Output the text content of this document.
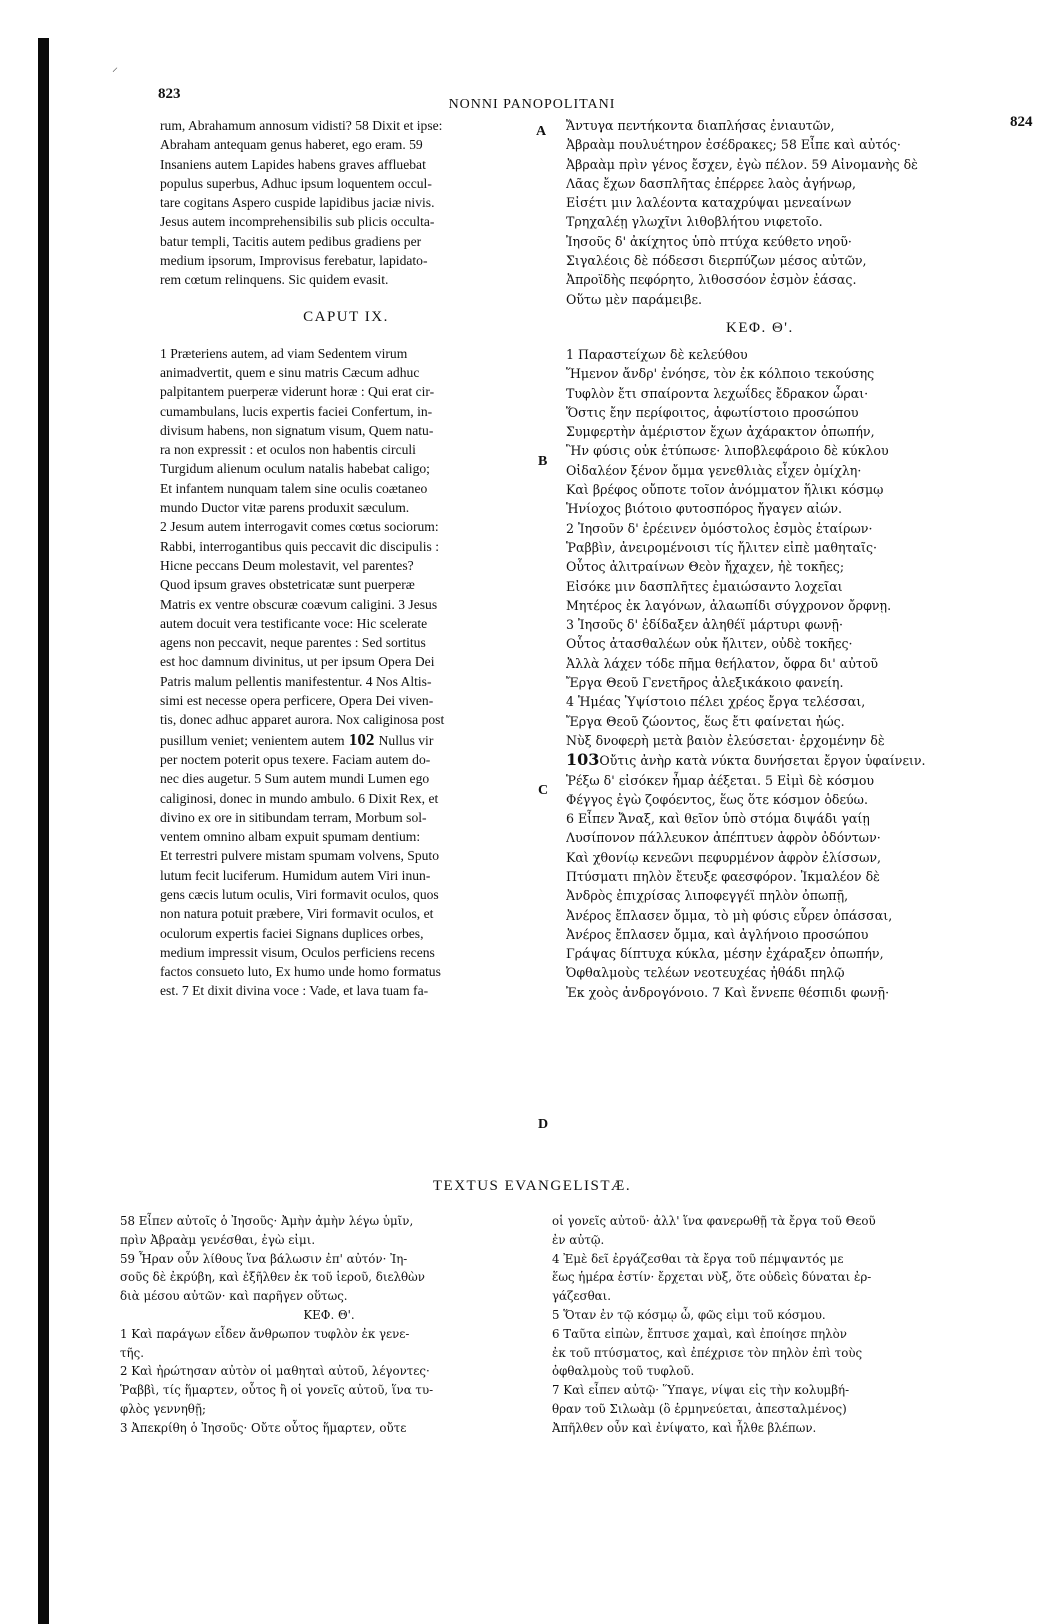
⸝
823
824
NONNI PANOPOLITANI
A
B
C
D

rum, Abrahamum annosum vidisti? 58 Dixit et ipse:

Abraham antequam genus haberet, ego eram. 59

Insaniens autem Lapides habens graves affluebat

populus superbus, Adhuc ipsum loquentem occul-

tare cogitans Aspero cuspide lapidibus jaciæ nivis.

Jesus autem incomprehensibilis sub plicis occulta-

batur templi, Tacitis autem pedibus gradiens per

medium ipsorum, Improvisus ferebatur, lapidato-

rem cœtum relinquens. Sic quidem evasit.

CAPUT IX.

1 Præteriens autem, ad viam Sedentem virum

animadvertit, quem e sinu matris Cæcum adhuc

palpitantem puerperæ viderunt horæ : Qui erat cir-

cumambulans, lucis expertis faciei Confertum, in-

divisum habens, non signatum visum, Quem natu-

ra non expressit : et oculos non habentis circuli

Turgidum alienum oculum natalis habebat caligo;

Et infantem nunquam talem sine oculis coætaneo

mundo Ductor vitæ parens produxit sæculum.

2 Jesum autem interrogavit comes cœtus sociorum:

Rabbi, interrogantibus quis peccavit dic discipulis :

Hicne peccans Deum molestavit, vel parentes?

Quod ipsum graves obstetricatæ sunt puerperæ

Matris ex ventre obscuræ coævum caligini. 3 Jesus

autem docuit vera testificante voce: Hic scelerate

agens non peccavit, neque parentes : Sed sortitus

est hoc damnum divinitus, ut per ipsum Opera Dei

Patris malum pellentis manifestentur. 4 Nos Altis-

simi est necesse opera perficere, Opera Dei viven-

tis, donec adhuc apparet aurora. Nox caliginosa post

pusillum veniet; venientem autem 102 Nullus vir

per noctem poterit opus texere. Faciam autem do-

nec dies augetur. 5 Sum autem mundi Lumen ego

caliginosi, donec in mundo ambulo. 6 Dixit Rex, et

divino ex ore in sitibundam terram, Morbum sol-

ventem omnino albam expuit spumam dentium:

Et terrestri pulvere mistam spumam volvens, Sputo

lutum fecit luciferum. Humidum autem Viri inun-

gens cæcis lutum oculis, Viri formavit oculos, quos

non natura potuit præbere, Viri formavit oculos, et

oculorum expertis faciei Signans duplices orbes,

medium impressit visum, Oculos perficiens recens

factos consueto luto, Ex humo unde homo formatus

est. 7 Et dixit divina voce : Vade, et lava tuam fa-

Ἄντυγα πεντήκοντα διαπλήσας ἐνιαυτῶν,

Ἀβραὰμ πουλυέτηρον ἐσέδρακες; 58 Εἶπε καὶ αὐτός·

Ἀβραὰμ πρὶν γένος ἔσχεν, ἐγὼ πέλον. 59 Αἰνομανὴς δὲ

Λᾶας ἔχων δασπλῆτας ἐπέρρεε λαὸς ἀγήνωρ,

Εἰσέτι μιν λαλέοντα καταχρύψαι μενεαίνων

Τρηχαλέῃ γλωχῖνι λιθοβλήτου νιφετοῖο.

Ἰησοῦς δ' ἀκίχητος ὑπὸ πτύχα κεύθετο νηοῦ·

Σιγαλέοις δὲ πόδεσσι διερπύζων μέσος αὐτῶν,

Ἀπροϊδὴς πεφόρητο, λιθοσσόον ἐσμὸν ἐάσας.

Οὕτω μὲν παράμειβε.

ΚΕΦ. Θ'.

1 Παραστείχων δὲ κελεύθου

Ἥμενον ἄνδρ' ἐνόησε, τὸν ἐκ κόλποιο τεκούσης

Τυφλὸν ἔτι σπαίροντα λεχωΐδες ἔδρακον ὧραι·

Ὅστις ἔην περίφοιτος, ἀφωτίστοιο προσώπου

Συμφερτὴν ἀμέριστον ἔχων ἀχάρακτον ὀπωπήν,

Ἣν φύσις οὐκ ἐτύπωσε· λιποβλεφάροιο δὲ κύκλου

Οἰδαλέον ξένον ὄμμα γενεθλιὰς εἶχεν ὀμίχλη·

Καὶ βρέφος οὔποτε τοῖον ἀνόμματον ἥλικι κόσμῳ

Ἡνίοχος βιότοιο φυτοσπόρος ἤγαγεν αἰών.

2 Ἰησοῦν δ' ἐρέεινεν ὁμόστολος ἐσμὸς ἑταίρων·

Ῥαββὶν, ἀνειρομένοισι τίς ἤλιτεν εἰπὲ μαθηταῖς·

Οὗτος ἀλιτραίνων Θεὸν ἤχαχεν, ἠὲ τοκῆες;

Εἰσόκε μιν δασπλῆτες ἐμαιώσαντο λοχεῖαι

Μητέρος ἐκ λαγόνων, ἀλαωπίδι σύγχρονον ὄρφνῃ.

3 Ἰησοῦς δ' ἐδίδαξεν ἀληθέϊ μάρτυρι φωνῇ·

Οὗτος ἀτασθαλέων οὐκ ἤλιτεν, οὐδὲ τοκῆες·

Ἀλλὰ λάχεν τόδε πῆμα θεήλατον, ὄφρα δι' αὐτοῦ

Ἔργα Θεοῦ Γενετῆρος ἀλεξικάκοιο φανείη.

4 Ἡμέας Ὑψίστοιο πέλει χρέος ἔργα τελέσσαι,

Ἔργα Θεοῦ ζώοντος, ἕως ἔτι φαίνεται ἠώς.

Νὺξ δνοφερὴ μετὰ βαιὸν ἐλεύσεται· ἐρχομένην δὲ

103Οὔτις ἀνὴρ κατὰ νύκτα δυνήσεται ἔργον ὑφαίνειν.

Ῥέξω δ' εἰσόκεν ἦμαρ ἀέξεται. 5 Εἰμὶ δὲ κόσμου

Φέγγος ἐγὼ ζοφόεντος, ἕως ὅτε κόσμον ὁδεύω.

6 Εἶπεν Ἄναξ, καὶ θεῖον ὑπὸ στόμα διψάδι γαίῃ

Λυσίπονον πάλλευκον ἀπέπτυεν ἀφρὸν ὀδόντων·

Καὶ χθονίῳ κενεῶνι πεφυρμένον ἀφρὸν ἑλίσσων,

Πτύσματι πηλὸν ἔτευξε φαεσφόρον. Ἰκμαλέον δὲ

Ἀνδρὸς ἐπιχρίσας λιποφεγγέϊ πηλὸν ὀπωπῇ,

Ἀνέρος ἔπλασεν ὄμμα, τὸ μὴ φύσις εὗρεν ὀπάσσαι,

Ἀνέρος ἔπλασεν ὄμμα, καὶ ἀγλήνοιο προσώπου

Γράψας δίπτυχα κύκλα, μέσην ἐχάραξεν ὀπωπήν,

Ὀφθαλμοὺς τελέων νεοτευχέας ἠθάδι πηλῷ

Ἐκ χοὸς ἀνδρογόνοιο. 7 Καὶ ἔννεπε θέσπιδι φωνῇ·

TEXTUS EVANGELISTÆ.

58 Εἶπεν αὐτοῖς ὁ Ἰησοῦς· Ἀμὴν ἀμὴν λέγω ὑμῖν,

πρὶν Ἀβραὰμ γενέσθαι, ἐγὼ εἰμι.

59 Ἦραν οὖν λίθους ἵνα βάλωσιν ἐπ' αὐτόν· Ἰη-

σοῦς δὲ ἐκρύβη, καὶ ἐξῆλθεν ἐκ τοῦ ἱεροῦ, διελθὼν

διὰ μέσου αὐτῶν· καὶ παρῆγεν οὕτως.

ΚΕΦ. Θ'.

1 Καὶ παράγων εἶδεν ἄνθρωπον τυφλὸν ἐκ γενε-

τῆς.

2 Καὶ ἠρώτησαν αὐτὸν οἱ μαθηταὶ αὐτοῦ, λέγοντες·

Ῥαββὶ, τίς ἥμαρτεν, οὗτος ἢ οἱ γονεῖς αὐτοῦ, ἵνα τυ-

φλὸς γεννηθῇ;

3 Ἀπεκρίθη ὁ Ἰησοῦς· Οὔτε οὗτος ἥμαρτεν, οὔτε

οἱ γονεῖς αὐτοῦ· ἀλλ' ἵνα φανερωθῇ τὰ ἔργα τοῦ Θεοῦ

ἐν αὐτῷ.

4 Ἐμὲ δεῖ ἐργάζεσθαι τὰ ἔργα τοῦ πέμψαντός με

ἕως ἡμέρα ἐστίν· ἔρχεται νὺξ, ὅτε οὐδεὶς δύναται ἐρ-

γάζεσθαι.

5 Ὅταν ἐν τῷ κόσμῳ ὦ, φῶς εἰμι τοῦ κόσμου.

6 Ταῦτα εἰπὼν, ἔπτυσε χαμαὶ, καὶ ἐποίησε πηλὸν

ἐκ τοῦ πτύσματος, καὶ ἐπέχρισε τὸν πηλὸν ἐπὶ τοὺς

ὀφθαλμοὺς τοῦ τυφλοῦ.

7 Καὶ εἶπεν αὐτῷ· Ὕπαγε, νίψαι εἰς τὴν κολυμβή-

θραν τοῦ Σιλωὰμ (ὃ ἑρμηνεύεται, ἀπεσταλμένος)

Ἀπῆλθεν οὖν καὶ ἐνίψατο, καὶ ἦλθε βλέπων.
